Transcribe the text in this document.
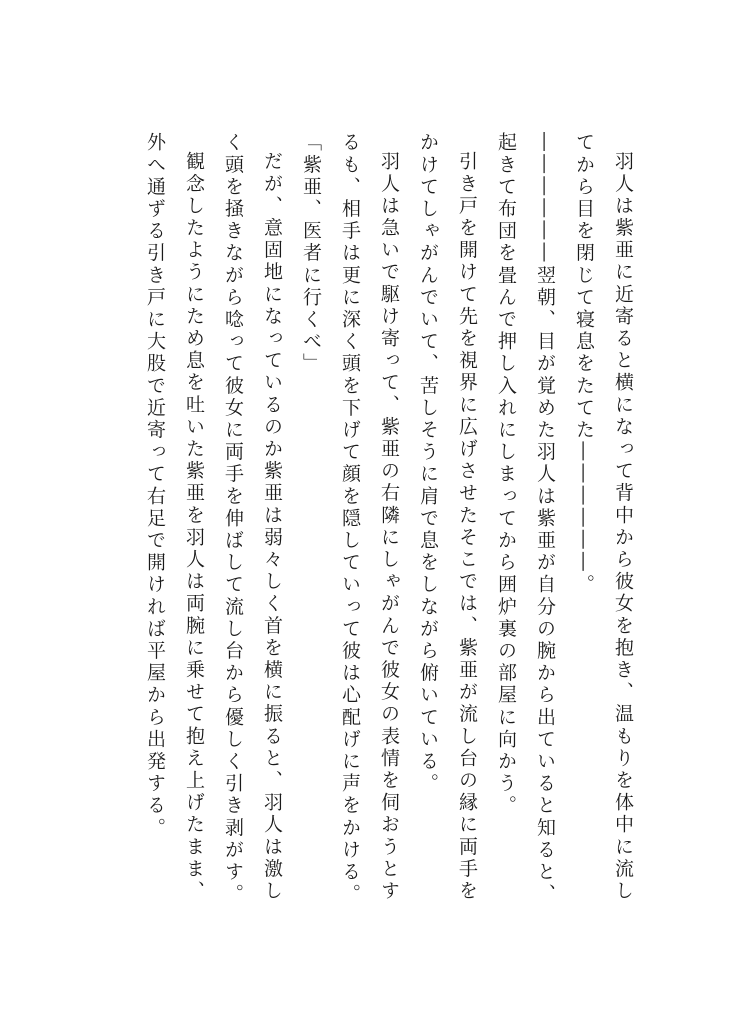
羽人は紫亜に近寄ると横になって背中から彼女を抱き、温もりを体中に流してから目を閉じて寝息をたてた――――――。

――――――翌朝、目が覚めた羽人は紫亜が自分の腕から出ていると知ると、起きて布団を畳んで押し入れにしまってから囲炉裏の部屋に向かう。

引き戸を開けて先を視界に広げさせたそこでは、紫亜が流し台の縁に両手をかけてしゃがんでいて、苦しそうに肩で息をしながら俯いている。

羽人は急いで駆け寄って、紫亜の右隣にしゃがんで彼女の表情を伺おうとするも、相手は更に深く頭を下げて顔を隠していって彼は心配げに声をかける。

「紫亜、医者に行くべ」

だが、意固地になっているのか紫亜は弱々しく首を横に振ると、羽人は激しく頭を掻きながら唸って彼女に両手を伸ばして流し台から優しく引き剥がす。

観念したようにため息を吐いた紫亜を羽人は両腕に乗せて抱え上げたまま、外へ通ずる引き戸に大股で近寄って右足で開ければ平屋から出発する。
